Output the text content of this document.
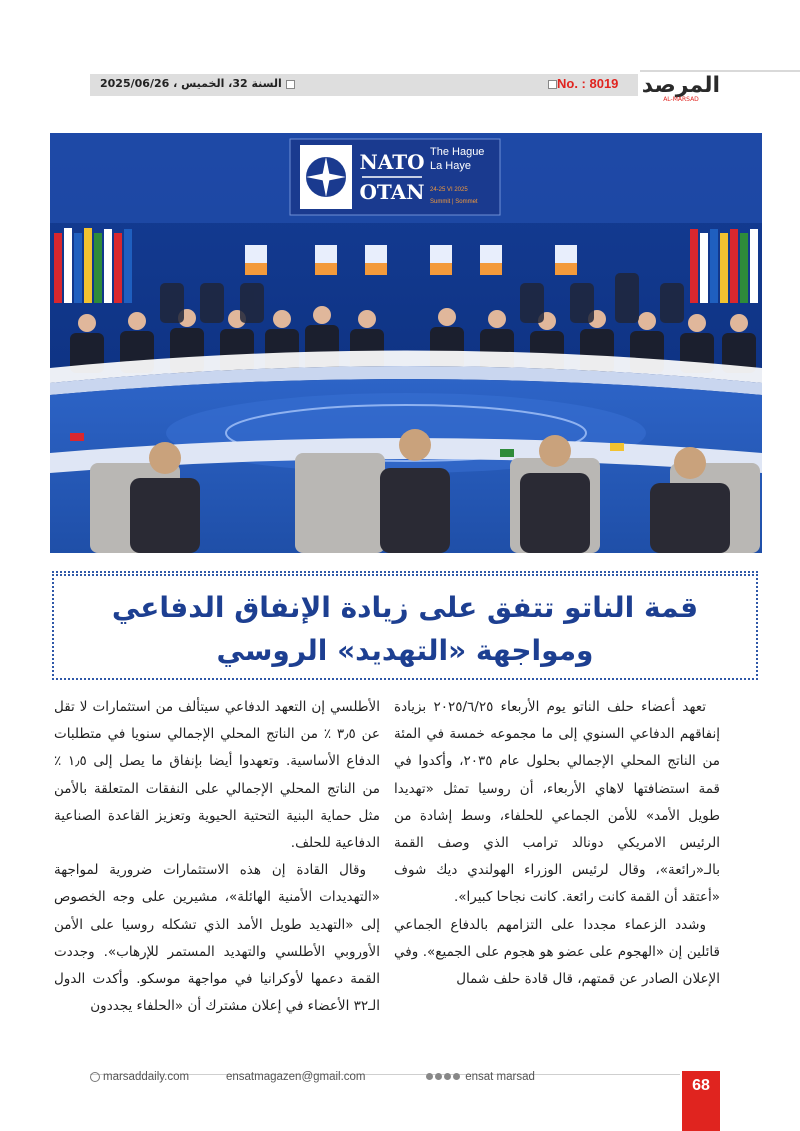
السنة 32، الخميس ، 2025/06/26	No. : 8019	المرصد
AL-MARSAD
NATO
OTAN
The Hague
La Haye
24-25 VI 2025
Summit | Sommet
قمة الناتو تتفق على زيادة الإنفاق الدفاعي
ومواجهة «التهديد» الروسي

تعهد أعضاء حلف الناتو يوم الأربعاء ٢٠٢٥/٦/٢٥ بزيادة إنفاقهم الدفاعي السنوي إلى ما مجموعه خمسة في المئة من الناتج المحلي الإجمالي بحلول عام ٢٠٣٥، وأكدوا في قمة استضافتها لاهاي الأربعاء، أن روسيا تمثل «تهديدا طويل الأمد» للأمن الجماعي للحلفاء، وسط إشادة من الرئيس الامريكي دونالد ترامب الذي وصف القمة بالـ«رائعة»، وقال لرئيس الوزراء الهولندي ديك شوف «أعتقد أن القمة كانت رائعة. كانت نجاحا كبيرا».

وشدد الزعماء مجددا على التزامهم بالدفاع الجماعي قائلين إن «الهجوم على عضو هو هجوم على الجميع». وفي الإعلان الصادر عن قمتهم، قال قادة حلف شمال

الأطلسي إن التعهد الدفاعي سيتألف من استثمارات لا تقل عن ٣٫٥ ٪ من الناتج المحلي الإجمالي سنويا في متطلبات الدفاع الأساسية. وتعهدوا أيضا بإنفاق ما يصل إلى ١٫٥ ٪ من الناتج المحلي الإجمالي على النفقات المتعلقة بالأمن مثل حماية البنية التحتية الحيوية وتعزيز القاعدة الصناعية الدفاعية للحلف.

وقال القادة إن هذه الاستثمارات ضرورية لمواجهة «التهديدات الأمنية الهائلة»، مشيرين على وجه الخصوص إلى «التهديد طويل الأمد الذي تشكله روسيا على الأمن الأوروبي الأطلسي والتهديد المستمر للإرهاب». وجددت القمة دعمها لأوكرانيا في مواجهة موسكو. وأكدت الدول الـ٣٢ الأعضاء في إعلان مشترك أن «الحلفاء يجددون

marsaddaily.com	ensatmagazen@gmail.com	ensat marsad	68
